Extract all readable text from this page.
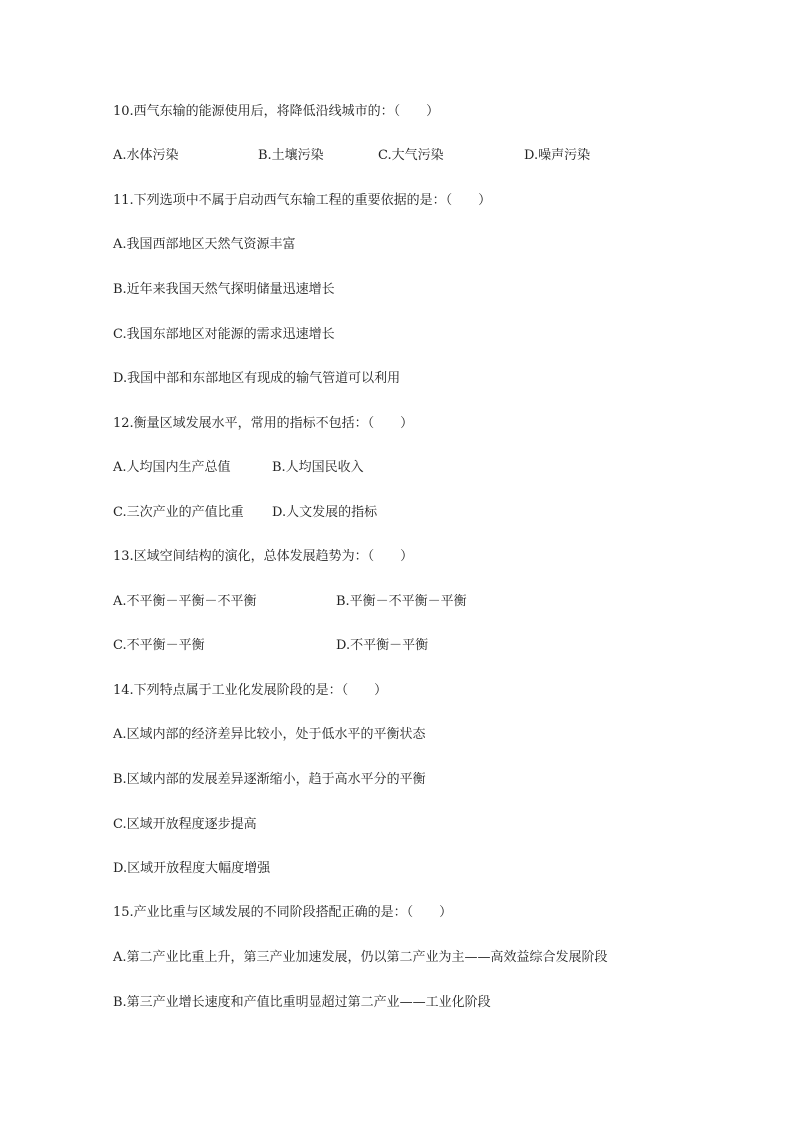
10.西气东输的能源使用后，将降低沿线城市的：（　　）
A.水体污染	B.土壤污染	C.大气污染	D.噪声污染
11.下列选项中不属于启动西气东输工程的重要依据的是：（　　）
A.我国西部地区天然气资源丰富
B.近年来我国天然气探明储量迅速增长
C.我国东部地区对能源的需求迅速增长
D.我国中部和东部地区有现成的输气管道可以利用
12.衡量区域发展水平，常用的指标不包括：（　　）
A.人均国内生产总值	B.人均国民收入
C.三次产业的产值比重 D.人文发展的指标
13.区域空间结构的演化，总体发展趋势为：（　　）
A.不平衡－平衡－不平衡	B.平衡－不平衡－平衡
C.不平衡－平衡	D.不平衡－平衡
14.下列特点属于工业化发展阶段的是：（　　）
A.区域内部的经济差异比较小，处于低水平的平衡状态
B.区域内部的发展差异逐渐缩小，趋于高水平分的平衡
C.区域开放程度逐步提高
D.区域开放程度大幅度增强
15.产业比重与区域发展的不同阶段搭配正确的是：（　　）
A.第二产业比重上升，第三产业加速发展，仍以第二产业为主——高效益综合发展阶段
B.第三产业增长速度和产值比重明显超过第二产业——工业化阶段
